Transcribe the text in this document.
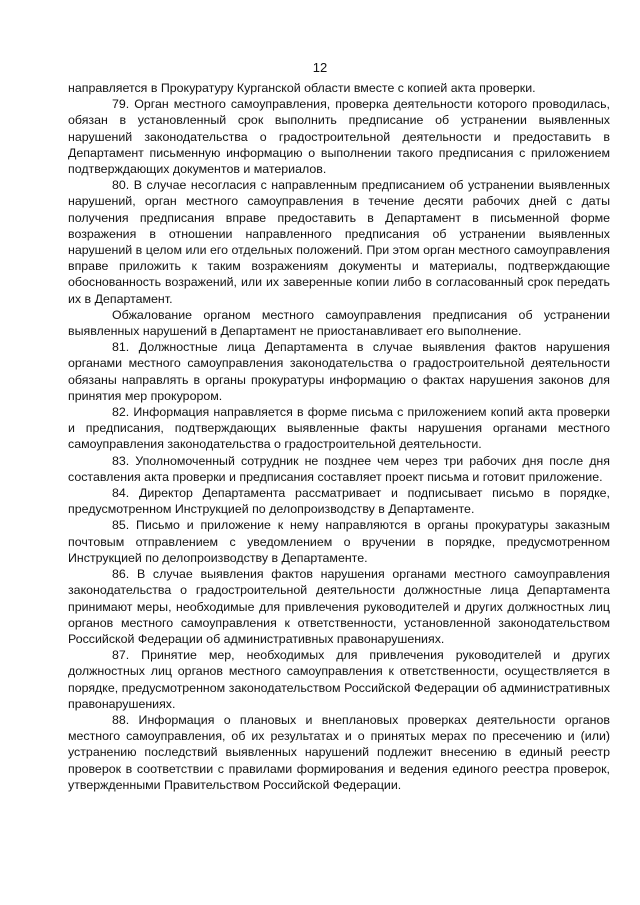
12

направляется в Прокуратуру Курганской области вместе с копией акта проверки.

79. Орган местного самоуправления, проверка деятельности которого проводилась, обязан в установленный срок выполнить предписание об устранении выявленных нарушений законодательства о градостроительной деятельности и предоставить в Департамент письменную информацию о выполнении такого предписания с приложением подтверждающих документов и материалов.

80. В случае несогласия с направленным предписанием об устранении выявленных нарушений, орган местного самоуправления в течение десяти рабочих дней с даты получения предписания вправе предоставить в Департамент в письменной форме возражения в отношении направленного предписания об устранении выявленных нарушений в целом или его отдельных положений. При этом орган местного самоуправления вправе приложить к таким возражениям документы и материалы, подтверждающие обоснованность возражений, или их заверенные копии либо в согласованный срок передать их в Департамент.

Обжалование органом местного самоуправления предписания об устранении выявленных нарушений в Департамент не приостанавливает его выполнение.

81. Должностные лица Департамента в случае выявления фактов нарушения органами местного самоуправления законодательства о градостроительной деятельности обязаны направлять в органы прокуратуры информацию о фактах нарушения законов для принятия мер прокурором.

82. Информация направляется в форме письма с приложением копий акта проверки и предписания, подтверждающих выявленные факты нарушения органами местного самоуправления законодательства о градостроительной деятельности.

83. Уполномоченный сотрудник не позднее чем через три рабочих дня после дня составления акта проверки и предписания составляет проект письма и готовит приложение.

84. Директор Департамента рассматривает и подписывает письмо в порядке, предусмотренном Инструкцией по делопроизводству в Департаменте.

85. Письмо и приложение к нему направляются в органы прокуратуры заказным почтовым отправлением с уведомлением о вручении в порядке, предусмотренном Инструкцией по делопроизводству в Департаменте.

86. В случае выявления фактов нарушения органами местного самоуправления законодательства о градостроительной деятельности должностные лица Департамента принимают меры, необходимые для привлечения руководителей и других должностных лиц органов местного самоуправления к ответственности, установленной законодательством Российской Федерации об административных правонарушениях.

87. Принятие мер, необходимых для привлечения руководителей и других должностных лиц органов местного самоуправления к ответственности, осуществляется в порядке, предусмотренном законодательством Российской Федерации об административных правонарушениях.

88. Информация о плановых и внеплановых проверках деятельности органов местного самоуправления, об их результатах и о принятых мерах по пресечению и (или) устранению последствий выявленных нарушений подлежит внесению в единый реестр проверок в соответствии с правилами формирования и ведения единого реестра проверок, утвержденными Правительством Российской Федерации.
